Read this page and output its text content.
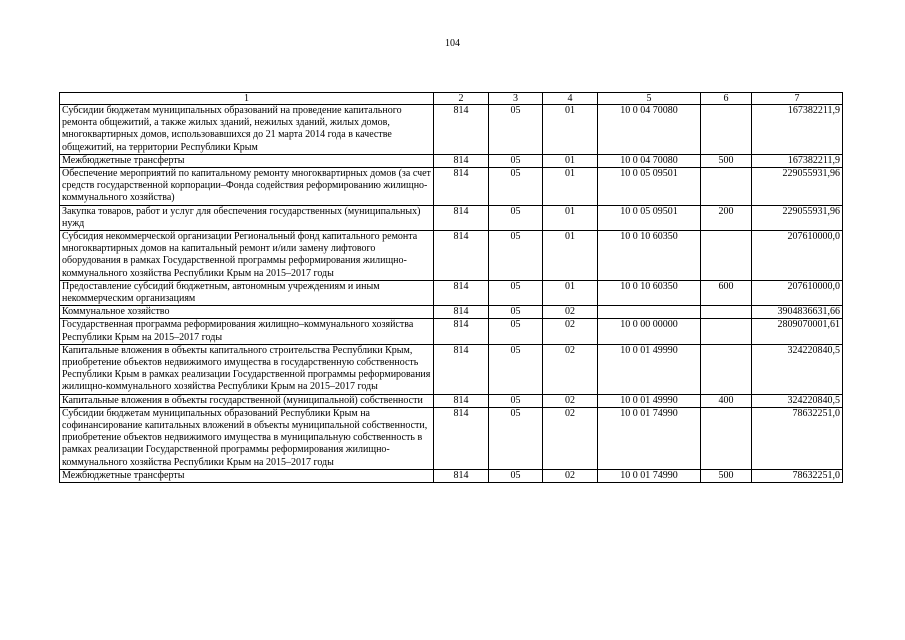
104
1	2	3	4	5	6	7
Субсидии бюджетам муниципальных образований на проведение капитального ремонта общежитий, а также жилых зданий, нежилых зданий, жилых домов, многоквартирных домов, использовавшихся до 21 марта 2014 года в качестве общежитий, на территории Республики Крым	814	05	01	10 0 04 70080		167382211,9
Межбюджетные трансферты	814	05	01	10 0 04 70080	500	167382211,9
Обеспечение мероприятий по капитальному ремонту многоквартирных домов (за счет средств государственной корпорации–Фонда содействия реформированию жилищно-коммунального хозяйства)	814	05	01	10 0 05 09501		229055931,96
Закупка товаров, работ и услуг для обеспечения государственных (муниципальных) нужд	814	05	01	10 0 05 09501	200	229055931,96
Субсидия некоммерческой организации Региональный фонд капитального ремонта многоквартирных домов на капитальный ремонт и/или замену лифтового оборудования в рамках Государственной программы реформирования жилищно-коммунального хозяйства Республики Крым на 2015–2017 годы	814	05	01	10 0 10 60350		207610000,0
Предоставление субсидий бюджетным, автономным учреждениям и иным некоммерческим организациям	814	05	01	10 0 10 60350	600	207610000,0
Коммунальное хозяйство	814	05	02			3904836631,66
Государственная программа реформирования жилищно–коммунального хозяйства Республики Крым на 2015–2017 годы	814	05	02	10 0 00 00000		2809070001,61
Капитальные вложения в объекты капитального строительства Республики Крым, приобретение объектов недвижимого имущества в государственную собственность Республики Крым в рамках реализации Государственной программы реформирования жилищно-коммунального хозяйства Республики Крым на 2015–2017 годы	814	05	02	10 0 01 49990		324220840,5
Капитальные вложения в объекты государственной (муниципальной) собственности	814	05	02	10 0 01 49990	400	324220840,5
Субсидии бюджетам муниципальных образований Республики Крым на софинансирование капитальных вложений в объекты муниципальной собственности, приобретение объектов недвижимого имущества в муниципальную собственность в рамках реализации Государственной программы реформирования жилищно-коммунального хозяйства Республики Крым на 2015–2017 годы	814	05	02	10 0 01 74990		78632251,0
Межбюджетные трансферты	814	05	02	10 0 01 74990	500	78632251,0
